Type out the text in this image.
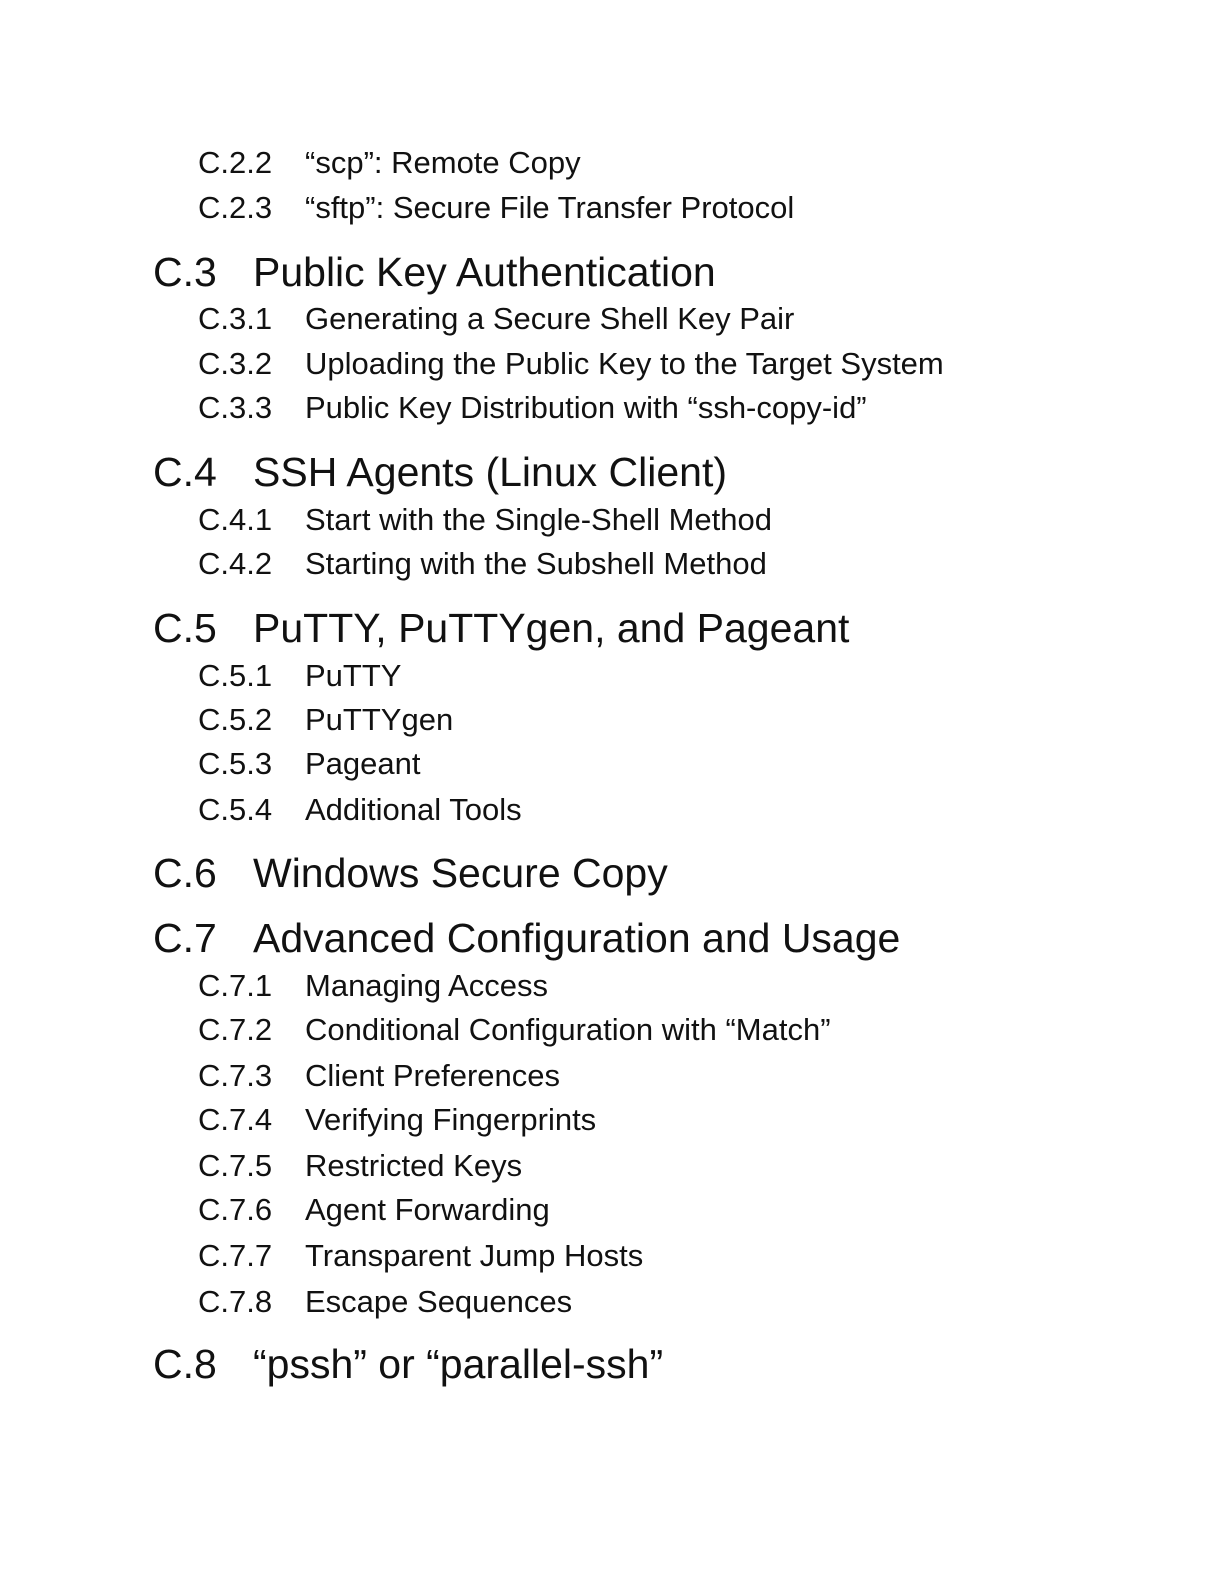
C.2.2 “scp”: Remote Copy
C.2.3 “sftp”: Secure File Transfer Protocol
C.3 Public Key Authentication
C.3.1 Generating a Secure Shell Key Pair
C.3.2 Uploading the Public Key to the Target System
C.3.3 Public Key Distribution with “ssh-copy-id”
C.4 SSH Agents (Linux Client)
C.4.1 Start with the Single-Shell Method
C.4.2 Starting with the Subshell Method
C.5 PuTTY, PuTTYgen, and Pageant
C.5.1 PuTTY
C.5.2 PuTTYgen
C.5.3 Pageant
C.5.4 Additional Tools
C.6 Windows Secure Copy
C.7 Advanced Configuration and Usage
C.7.1 Managing Access
C.7.2 Conditional Configuration with “Match”
C.7.3 Client Preferences
C.7.4 Verifying Fingerprints
C.7.5 Restricted Keys
C.7.6 Agent Forwarding
C.7.7 Transparent Jump Hosts
C.7.8 Escape Sequences
C.8 “pssh” or “parallel-ssh”
